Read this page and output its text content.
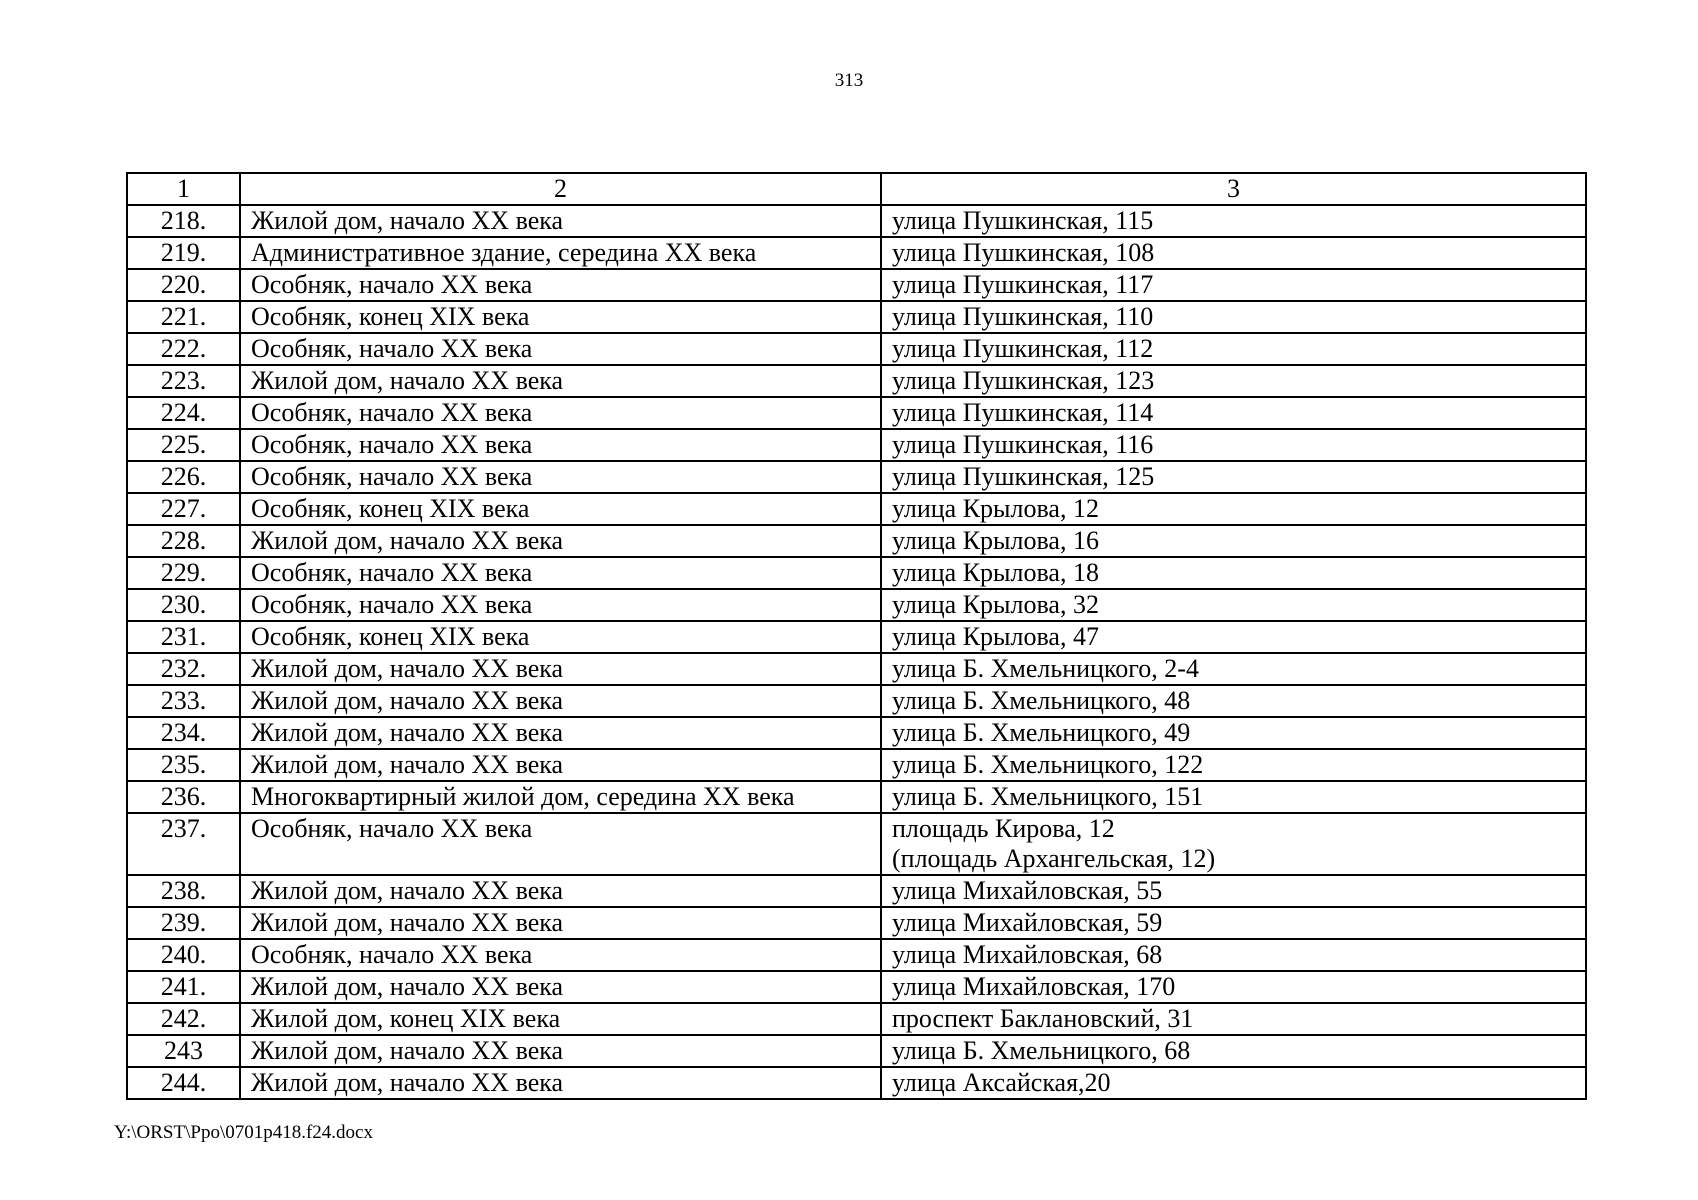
313
1	2	3
218.	Жилой дом, начало XX века	улица Пушкинская, 115

219.	Административное здание, середина XX века	улица Пушкинская, 108

220.	Особняк, начало XX века	улица Пушкинская, 117

221.	Особняк, конец XIX века	улица Пушкинская, 110

222.	Особняк, начало XX века	улица Пушкинская, 112

223.	Жилой дом, начало XX века	улица Пушкинская, 123

224.	Особняк, начало XX века	улица Пушкинская, 114

225.	Особняк, начало XX века	улица Пушкинская, 116

226.	Особняк, начало XX века	улица Пушкинская, 125

227.	Особняк, конец XIX века	улица Крылова, 12

228.	Жилой дом, начало XX века	улица Крылова, 16

229.	Особняк, начало XX века	улица Крылова, 18

230.	Особняк, начало XX века	улица Крылова, 32

231.	Особняк, конец XIX века	улица Крылова, 47

232.	Жилой дом, начало XX века	улица Б. Хмельницкого, 2-4

233.	Жилой дом, начало XX века	улица Б. Хмельницкого, 48

234.	Жилой дом, начало XX века	улица Б. Хмельницкого, 49

235.	Жилой дом, начало XX века	улица Б. Хмельницкого, 122

236.	Многоквартирный жилой дом, середина XX века	улица Б. Хмельницкого, 151

237.	Особняк, начало XX века	площадь Кирова, 12
(площадь Архангельская, 12)

238.	Жилой дом, начало XX века	улица Михайловская, 55

239.	Жилой дом, начало XX века	улица Михайловская, 59

240.	Особняк, начало XX века	улица Михайловская, 68

241.	Жилой дом, начало XX века	улица Михайловская, 170

242.	Жилой дом, конец XIX века	проспект Баклановский, 31

243	Жилой дом, начало XX века	улица Б. Хмельницкого, 68

244.	Жилой дом, начало XX века	улица Аксайская,20
Y:\ORST\Ppo\0701p418.f24.docx
